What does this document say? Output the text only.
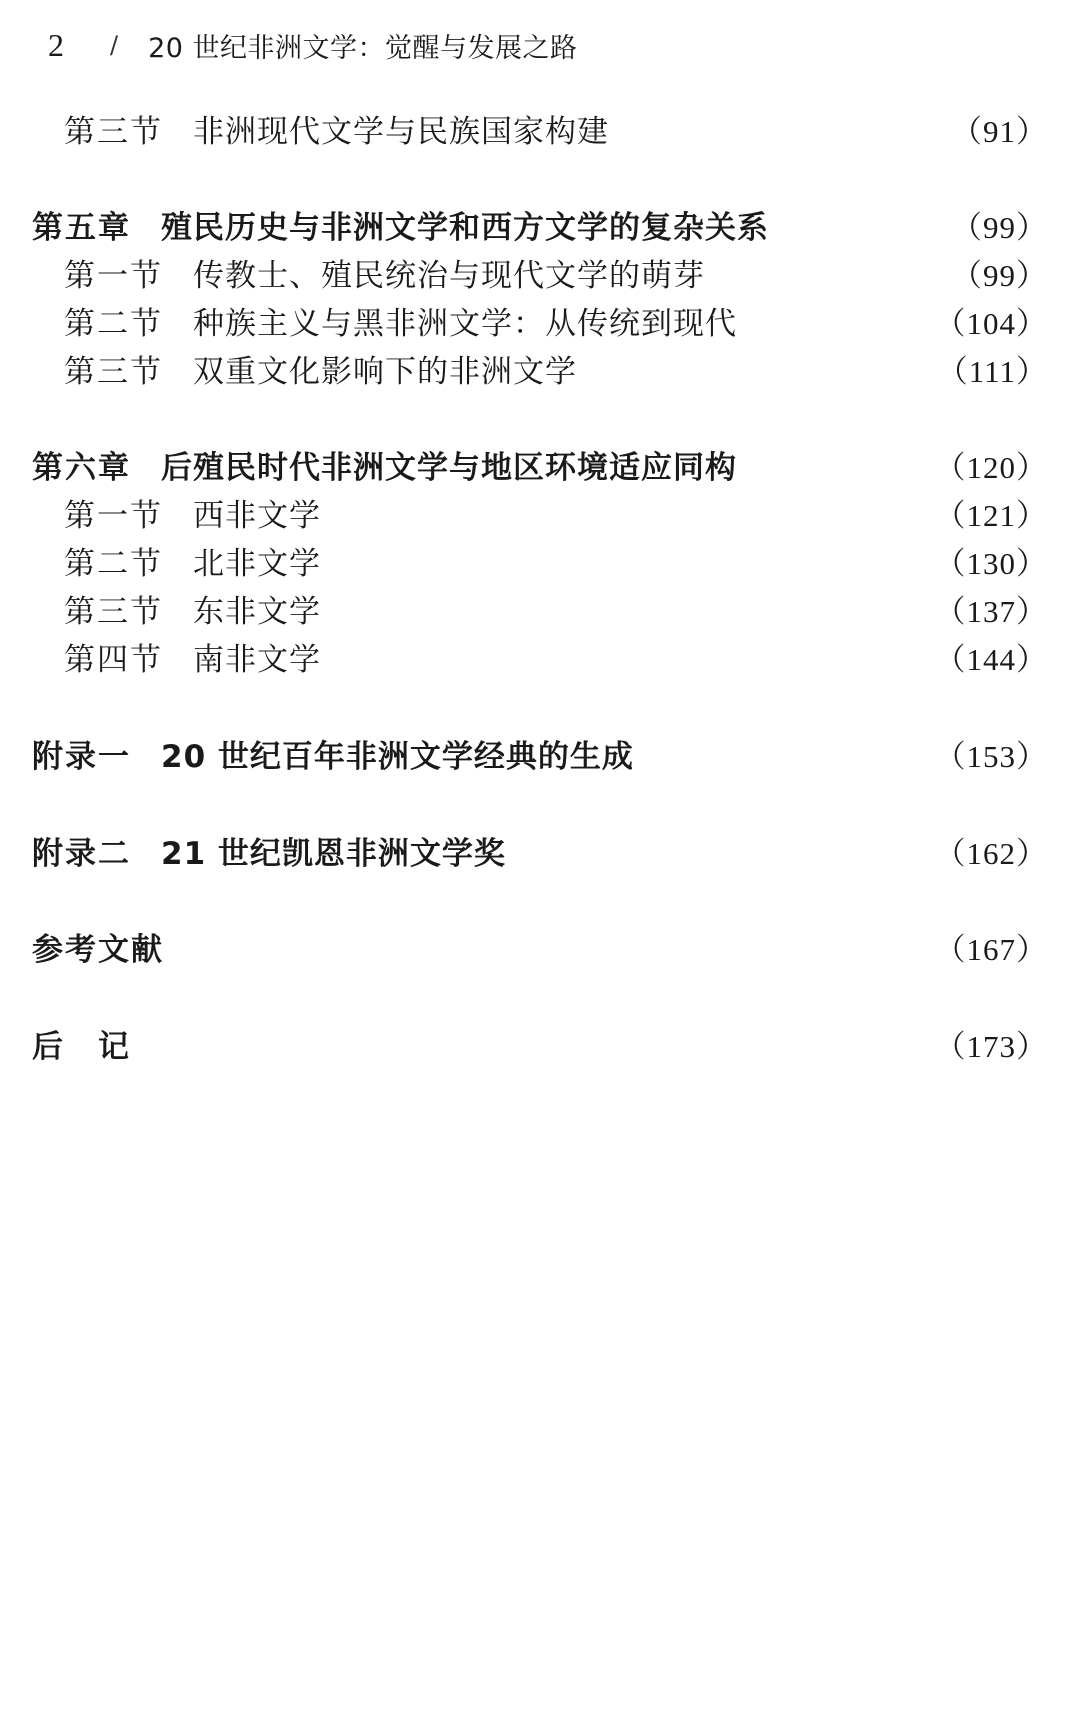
2	/ 20 世纪非洲文学：觉醒与发展之路
第三节 非洲现代文学与民族国家构建	（91）
第五章 殖民历史与非洲文学和西方文学的复杂关系	（99）
第一节 传教士、殖民统治与现代文学的萌芽	（99）
第二节 种族主义与黑非洲文学：从传统到现代	（104）
第三节 双重文化影响下的非洲文学	（111）
第六章 后殖民时代非洲文学与地区环境适应同构	（120）
第一节 西非文学	（121）
第二节 北非文学	（130）
第三节 东非文学	（137）
第四节 南非文学	（144）
附录一 20 世纪百年非洲文学经典的生成	（153）
附录二 21 世纪凯恩非洲文学奖	（162）
参考文献	（167）
后　记	（173）
